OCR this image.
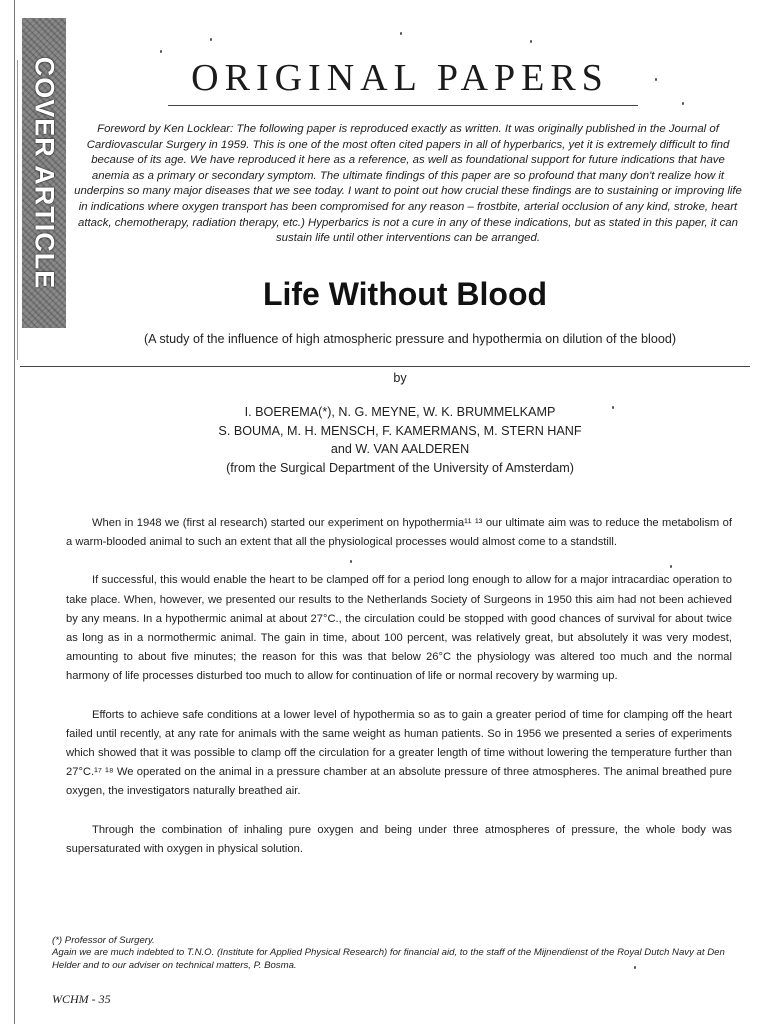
COVER ARTICLE	ORIGINAL PAPERS
Foreword by Ken Locklear: The following paper is reproduced exactly as written. It was originally published in the Journal of Cardiovascular Surgery in 1959. This is one of the most often cited papers in all of hyperbarics, yet it is extremely difficult to find because of its age. We have reproduced it here as a reference, as well as foundational support for future indications that have anemia as a primary or secondary symptom. The ultimate findings of this paper are so profound that many don't realize how it underpins so many major diseases that we see today. I want to point out how crucial these findings are to sustaining or improving life in indications where oxygen transport has been compromised for any reason – frostbite, arterial occlusion of any kind, stroke, heart attack, chemotherapy, radiation therapy, etc.) Hyperbarics is not a cure in any of these indications, but as stated in this paper, it can sustain life until other interventions can be arranged.
Life Without Blood
(A study of the influence of high atmospheric pressure and hypothermia on dilution of the blood)
by
I. BOEREMA(*), N. G. MEYNE, W. K. BRUMMELKAMP
S. BOUMA, M. H. MENSCH, F. KAMERMANS, M. STERN HANF
and W. VAN AALDEREN
(from the Surgical Department of the University of Amsterdam)

When in 1948 we (first al research) started our experiment on hypothermia¹¹ ¹³ our ultimate aim was to reduce the metabolism of a warm-blooded animal to such an extent that all the physiological processes would almost come to a standstill.

If successful, this would enable the heart to be clamped off for a period long enough to allow for a major intracardiac operation to take place. When, however, we presented our results to the Netherlands Society of Surgeons in 1950 this aim had not been achieved by any means. In a hypothermic animal at about 27°C., the circulation could be stopped with good chances of survival for about twice as long as in a normothermic animal. The gain in time, about 100 percent, was relatively great, but absolutely it was very modest, amounting to about five minutes; the reason for this was that below 26°C the physiology was altered too much and the normal harmony of life processes disturbed too much to allow for continuation of life or normal recovery by warming up.

Efforts to achieve safe conditions at a lower level of hypothermia so as to gain a greater period of time for clamping off the heart failed until recently, at any rate for animals with the same weight as human patients. So in 1956 we presented a series of experiments which showed that it was possible to clamp off the circulation for a greater length of time without lowering the temperature further than 27°C.¹⁷ ¹⁸ We operated on the animal in a pressure chamber at an absolute pressure of three atmospheres. The animal breathed pure oxygen, the investigators naturally breathed air.

Through the combination of inhaling pure oxygen and being under three atmospheres of pressure, the whole body was supersaturated with oxygen in physical solution.

(*) Professor of Surgery.
Again we are much indebted to T.N.O. (Institute for Applied Physical Research) for financial aid, to the staff of the Mijnendienst of the Royal Dutch Navy at Den Helder and to our adviser on technical matters, P. Bosma.
WCHM - 35
